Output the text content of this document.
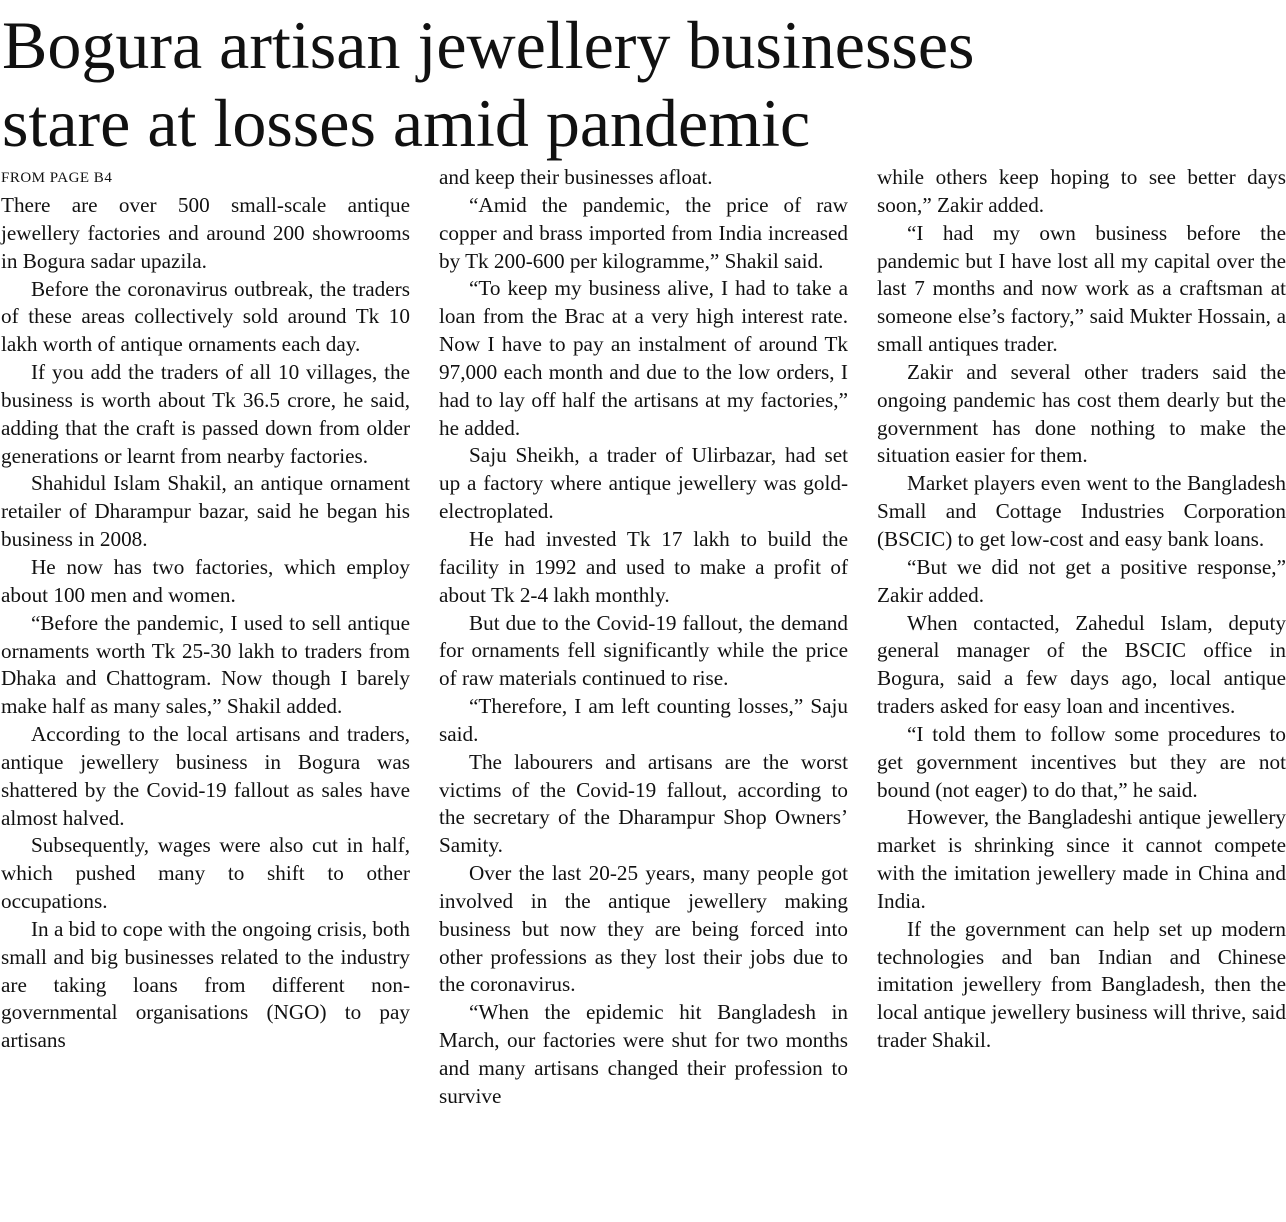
Bogura artisan jewellery businesses
stare at losses amid pandemic
FROM PAGE B4

There are over 500 small-scale antique jewellery factories and around 200 showrooms in Bogura sadar upazila.

Before the coronavirus outbreak, the traders of these areas collectively sold around Tk 10 lakh worth of antique ornaments each day.

If you add the traders of all 10 villages, the business is worth about Tk 36.5 crore, he said, adding that the craft is passed down from older generations or learnt from nearby factories.

Shahidul Islam Shakil, an antique ornament retailer of Dharampur bazar, said he began his business in 2008.

He now has two factories, which employ about 100 men and women.

“Before the pandemic, I used to sell antique ornaments worth Tk 25-30 lakh to traders from Dhaka and Chattogram. Now though I barely make half as many sales,” Shakil added.

According to the local artisans and traders, antique jewellery business in Bogura was shattered by the Covid-19 fallout as sales have almost halved.

Subsequently, wages were also cut in half, which pushed many to shift to other occupations.

In a bid to cope with the ongoing crisis, both small and big businesses related to the industry are taking loans from different non-governmental organisations (NGO) to pay artisans

and keep their businesses afloat.

“Amid the pandemic, the price of raw copper and brass imported from India increased by Tk 200-600 per kilogramme,” Shakil said.

“To keep my business alive, I had to take a loan from the Brac at a very high interest rate. Now I have to pay an instalment of around Tk 97,000 each month and due to the low orders, I had to lay off half the artisans at my factories,” he added.

Saju Sheikh, a trader of Ulirbazar, had set up a factory where antique jewellery was gold-electroplated.

He had invested Tk 17 lakh to build the facility in 1992 and used to make a profit of about Tk 2-4 lakh monthly.

But due to the Covid-19 fallout, the demand for ornaments fell significantly while the price of raw materials continued to rise.

“Therefore, I am left counting losses,” Saju said.

The labourers and artisans are the worst victims of the Covid-19 fallout, according to the secretary of the Dharampur Shop Owners’ Samity.

Over the last 20-25 years, many people got involved in the antique jewellery making business but now they are being forced into other professions as they lost their jobs due to the coronavirus.

“When the epidemic hit Bangladesh in March, our factories were shut for two months and many artisans changed their profession to survive

while others keep hoping to see better days soon,” Zakir added.

“I had my own business before the pandemic but I have lost all my capital over the last 7 months and now work as a craftsman at someone else’s factory,” said Mukter Hossain, a small antiques trader.

Zakir and several other traders said the ongoing pandemic has cost them dearly but the government has done nothing to make the situation easier for them.

Market players even went to the Bangladesh Small and Cottage Industries Corporation (BSCIC) to get low-cost and easy bank loans.

“But we did not get a positive response,” Zakir added.

When contacted, Zahedul Islam, deputy general manager of the BSCIC office in Bogura, said a few days ago, local antique traders asked for easy loan and incentives.

“I told them to follow some procedures to get government incentives but they are not bound (not eager) to do that,” he said.

However, the Bangladeshi antique jewellery market is shrinking since it cannot compete with the imitation jewellery made in China and India.

If the government can help set up modern technologies and ban Indian and Chinese imitation jewellery from Bangladesh, then the local antique jewellery business will thrive, said trader Shakil.
